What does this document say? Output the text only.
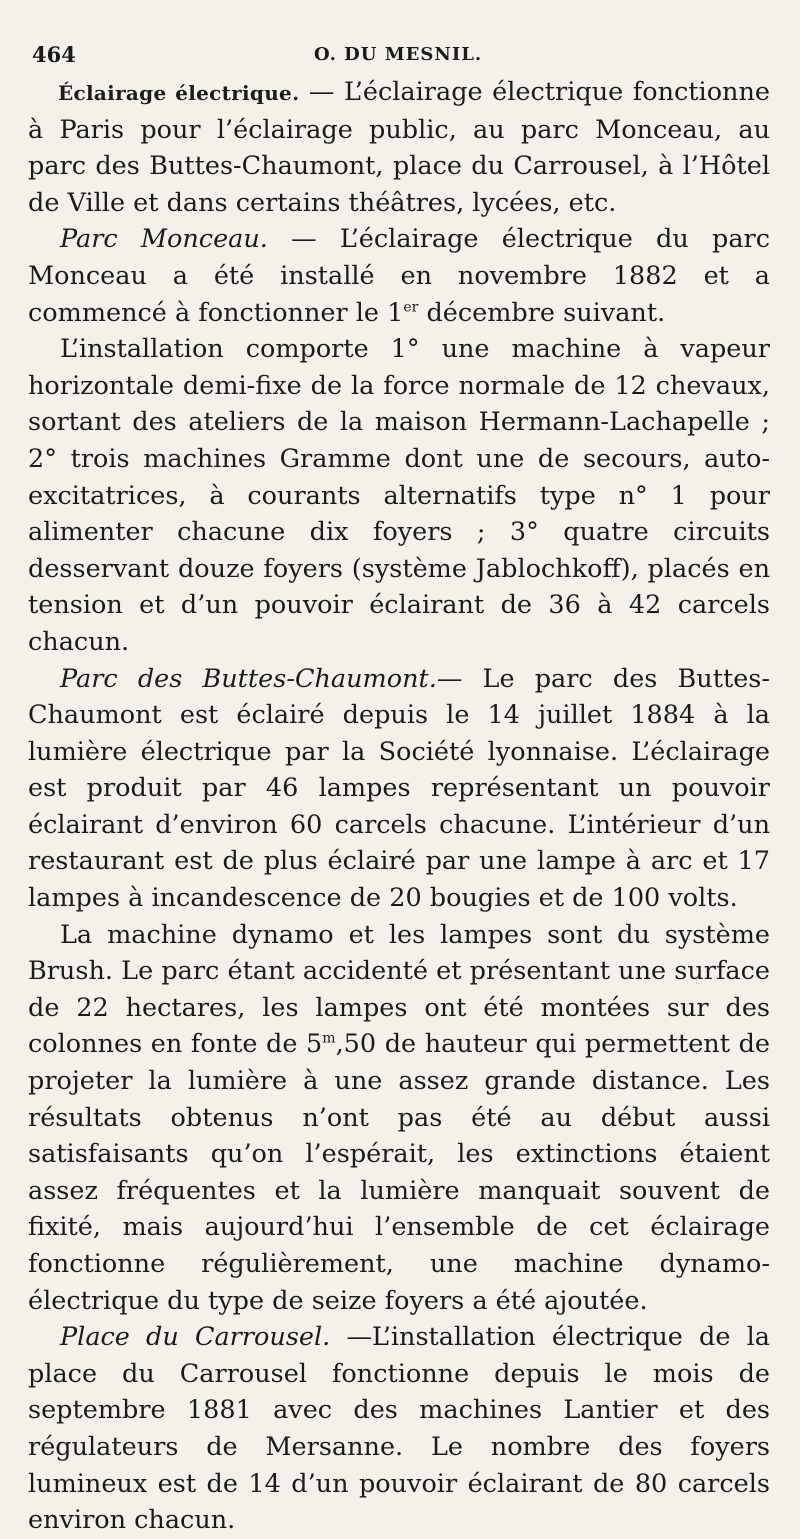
464	O. DU MESNIL.

Éclairage électrique. — L’éclairage électrique fonctionne à Paris pour l’éclairage public, au parc Monceau, au parc des Buttes-Chaumont, place du Carrousel, à l’Hôtel de Ville et dans certains théâtres, lycées, etc.

Parc Monceau. — L’éclairage électrique du parc Monceau a été installé en novembre 1882 et a commencé à fonctionner le 1er décembre suivant.

L’installation comporte 1° une machine à vapeur horizontale demi-fixe de la force normale de 12 chevaux, sortant des ateliers de la maison Hermann-Lachapelle ; 2° trois machines Gramme dont une de secours, auto-excitatrices, à courants alternatifs type n° 1 pour alimenter chacune dix foyers ; 3° quatre circuits desservant douze foyers (système Jablochkoff), placés en tension et d’un pouvoir éclairant de 36 à 42 carcels chacun.

Parc des Buttes-Chaumont.— Le parc des Buttes-Chaumont est éclairé depuis le 14 juillet 1884 à la lumière électrique par la Société lyonnaise. L’éclairage est produit par 46 lampes représentant un pouvoir éclairant d’environ 60 carcels chacune. L’intérieur d’un restaurant est de plus éclairé par une lampe à arc et 17 lampes à incandescence de 20 bougies et de 100 volts.

La machine dynamo et les lampes sont du système Brush. Le parc étant accidenté et présentant une surface de 22 hectares, les lampes ont été montées sur des colonnes en fonte de 5$^m$,50 de hauteur qui permettent de projeter la lumière à une assez grande distance. Les résultats obtenus n’ont pas été au début aussi satisfaisants qu’on l’espérait, les extinctions étaient assez fréquentes et la lumière manquait souvent de fixité, mais aujourd’hui l’ensemble de cet éclairage fonctionne régulièrement, une machine dynamo-électrique du type de seize foyers a été ajoutée.

Place du Carrousel. —L’installation électrique de la place du Carrousel fonctionne depuis le mois de septembre 1881 avec des machines Lantier et des régulateurs de Mersanne. Le nombre des foyers lumineux est de 14 d’un pouvoir éclairant de 80 carcels environ chacun.
